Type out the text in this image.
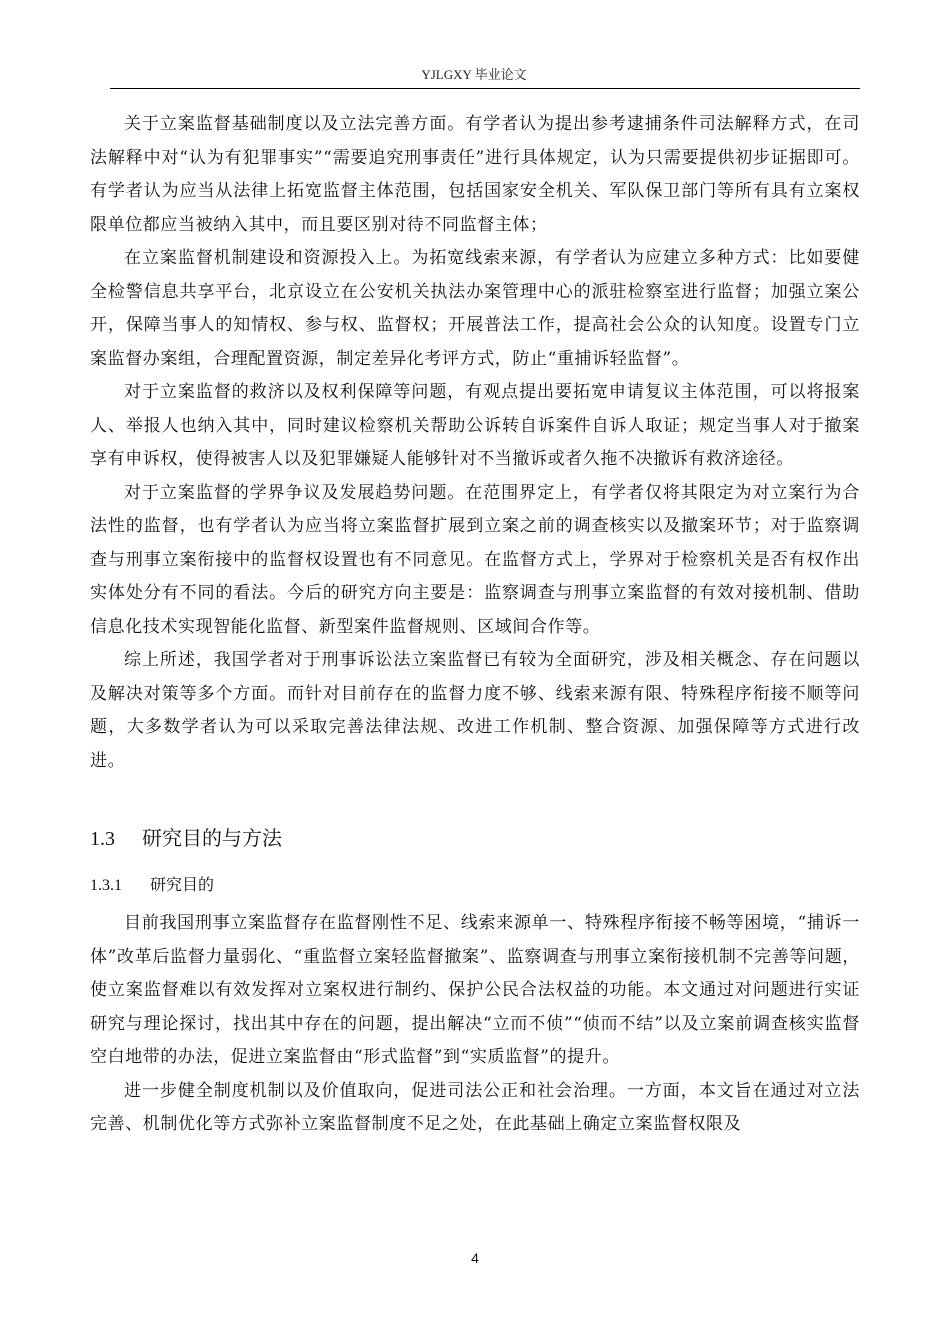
YJLGXY 毕业论文

关于立案监督基础制度以及立法完善方面。有学者认为提出参考逮捕条件司法解释方式，在司法解释中对“认为有犯罪事实”“需要追究刑事责任”进行具体规定，认为只需要提供初步证据即可。有学者认为应当从法律上拓宽监督主体范围，包括国家安全机关、军队保卫部门等所有具有立案权限单位都应当被纳入其中，而且要区别对待不同监督主体；

在立案监督机制建设和资源投入上。为拓宽线索来源，有学者认为应建立多种方式：比如要健全检警信息共享平台，北京设立在公安机关执法办案管理中心的派驻检察室进行监督；加强立案公开，保障当事人的知情权、参与权、监督权；开展普法工作，提高社会公众的认知度。设置专门立案监督办案组，合理配置资源，制定差异化考评方式，防止“重捕诉轻监督”。

对于立案监督的救济以及权利保障等问题，有观点提出要拓宽申请复议主体范围，可以将报案人、举报人也纳入其中，同时建议检察机关帮助公诉转自诉案件自诉人取证；规定当事人对于撤案享有申诉权，使得被害人以及犯罪嫌疑人能够针对不当撤诉或者久拖不决撤诉有救济途径。

对于立案监督的学界争议及发展趋势问题。在范围界定上，有学者仅将其限定为对立案行为合法性的监督，也有学者认为应当将立案监督扩展到立案之前的调查核实以及撤案环节；对于监察调查与刑事立案衔接中的监督权设置也有不同意见。在监督方式上，学界对于检察机关是否有权作出实体处分有不同的看法。今后的研究方向主要是：监察调查与刑事立案监督的有效对接机制、借助信息化技术实现智能化监督、新型案件监督规则、区域间合作等。

综上所述，我国学者对于刑事诉讼法立案监督已有较为全面研究，涉及相关概念、存在问题以及解决对策等多个方面。而针对目前存在的监督力度不够、线索来源有限、特殊程序衔接不顺等问题，大多数学者认为可以采取完善法律法规、改进工作机制、整合资源、加强保障等方式进行改进。

1.3 研究目的与方法
1.3.1 研究目的

目前我国刑事立案监督存在监督刚性不足、线索来源单一、特殊程序衔接不畅等困境，“捕诉一体”改革后监督力量弱化、“重监督立案轻监督撤案”、监察调查与刑事立案衔接机制不完善等问题，使立案监督难以有效发挥对立案权进行制约、保护公民合法权益的功能。本文通过对问题进行实证研究与理论探讨，找出其中存在的问题，提出解决“立而不侦”“侦而不结”以及立案前调查核实监督空白地带的办法，促进立案监督由“形式监督”到“实质监督”的提升。

进一步健全制度机制以及价值取向，促进司法公正和社会治理。一方面，本文旨在通过对立法完善、机制优化等方式弥补立案监督制度不足之处，在此基础上确定立案监督权限及

4
